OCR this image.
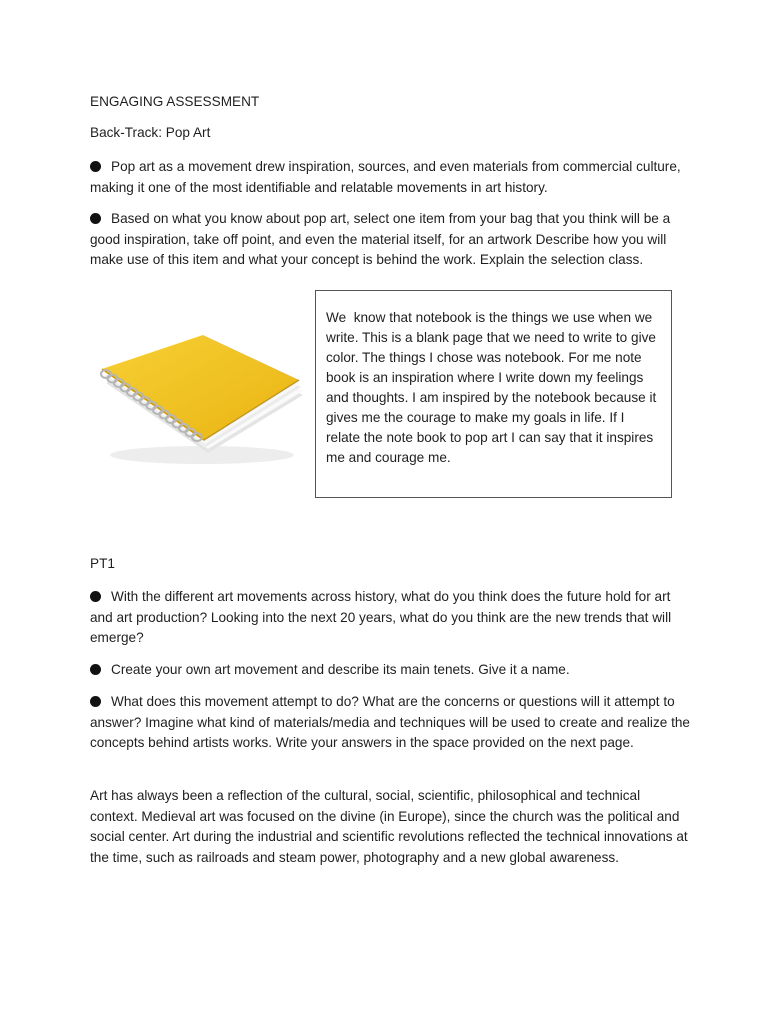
ENGAGING ASSESSMENT
Back-Track: Pop Art
Pop art as a movement drew inspiration, sources, and even materials from commercial culture, making it one of the most identifiable and relatable movements in art history.
Based on what you know about pop art, select one item from your bag that you think will be a good inspiration, take off point, and even the material itself, for an artwork Describe how you will make use of this item and what your concept is behind the work. Explain the selection class.
We  know that notebook is the things we use when we write. This is a blank page that we need to write to give color. The things I chose was notebook. For me note book is an inspiration where I write down my feelings and thoughts. I am inspired by the notebook because it gives me the courage to make my goals in life. If I relate the note book to pop art I can say that it inspires me and courage me.
PT1
With the different art movements across history, what do you think does the future hold for art and art production? Looking into the next 20 years, what do you think are the new trends that will emerge?
Create your own art movement and describe its main tenets. Give it a name.
What does this movement attempt to do? What are the concerns or questions will it attempt to answer? Imagine what kind of materials/media and techniques will be used to create and realize the concepts behind artists works. Write your answers in the space provided on the next page.
Art has always been a reflection of the cultural, social, scientific, philosophical and technical context. Medieval art was focused on the divine (in Europe), since the church was the political and social center. Art during the industrial and scientific revolutions reflected the technical innovations at the time, such as railroads and steam power, photography and a new global awareness.
